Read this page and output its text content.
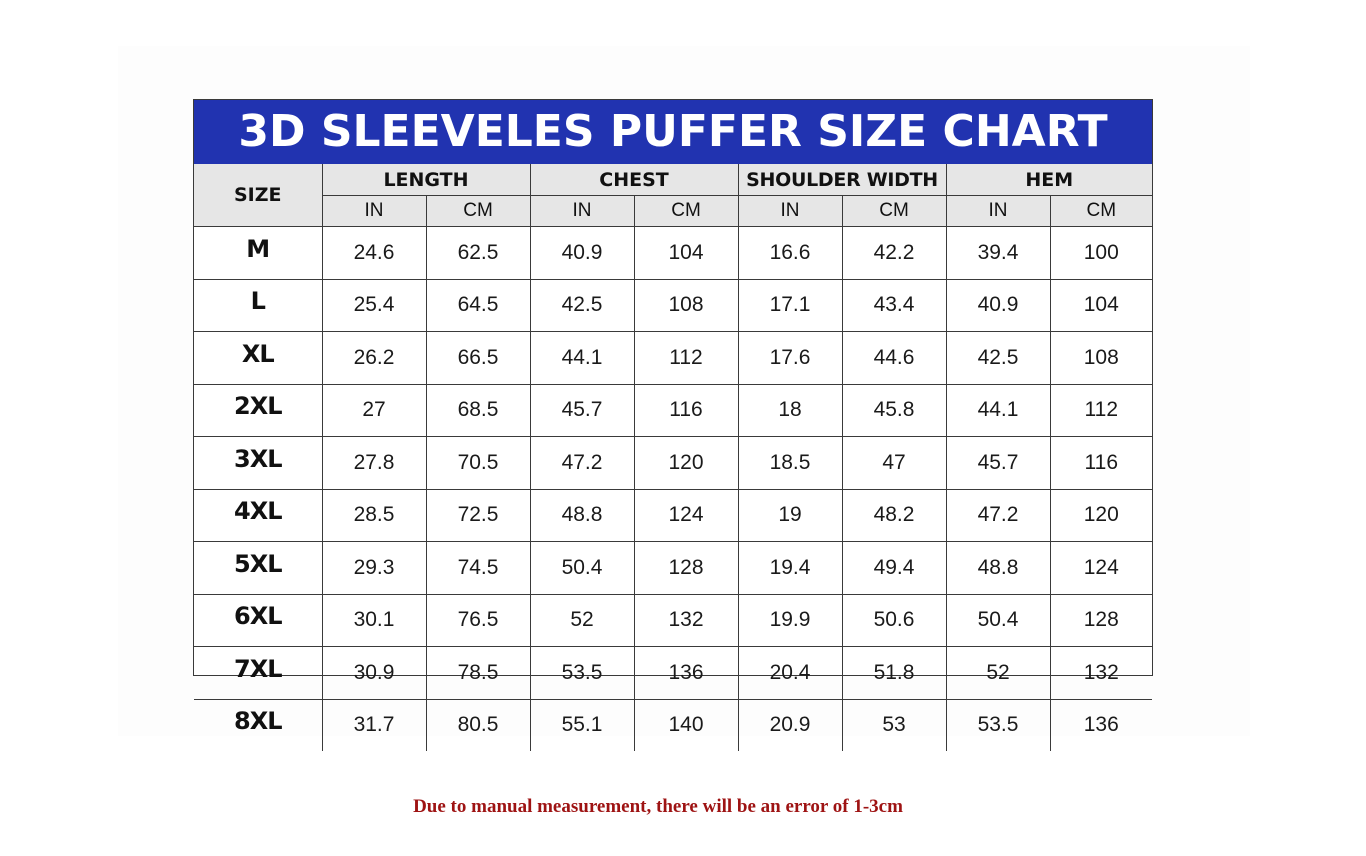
3D SLEEVELES PUFFER SIZE CHART
SIZE	LENGTH		CHEST		SHOULDER WIDTH		HEM	
	IN	CM	IN	CM	IN	CM	IN	CM
M	24.6	62.5	40.9	104	16.6	42.2	39.4	100
L	25.4	64.5	42.5	108	17.1	43.4	40.9	104
XL	26.2	66.5	44.1	112	17.6	44.6	42.5	108
2XL	27	68.5	45.7	116	18	45.8	44.1	112
3XL	27.8	70.5	47.2	120	18.5	47	45.7	116
4XL	28.5	72.5	48.8	124	19	48.2	47.2	120
5XL	29.3	74.5	50.4	128	19.4	49.4	48.8	124
6XL	30.1	76.5	52	132	19.9	50.6	50.4	128
7XL	30.9	78.5	53.5	136	20.4	51.8	52	132
8XL	31.7	80.5	55.1	140	20.9	53	53.5	136
Due to manual measurement, there will be an error of 1-3cm
